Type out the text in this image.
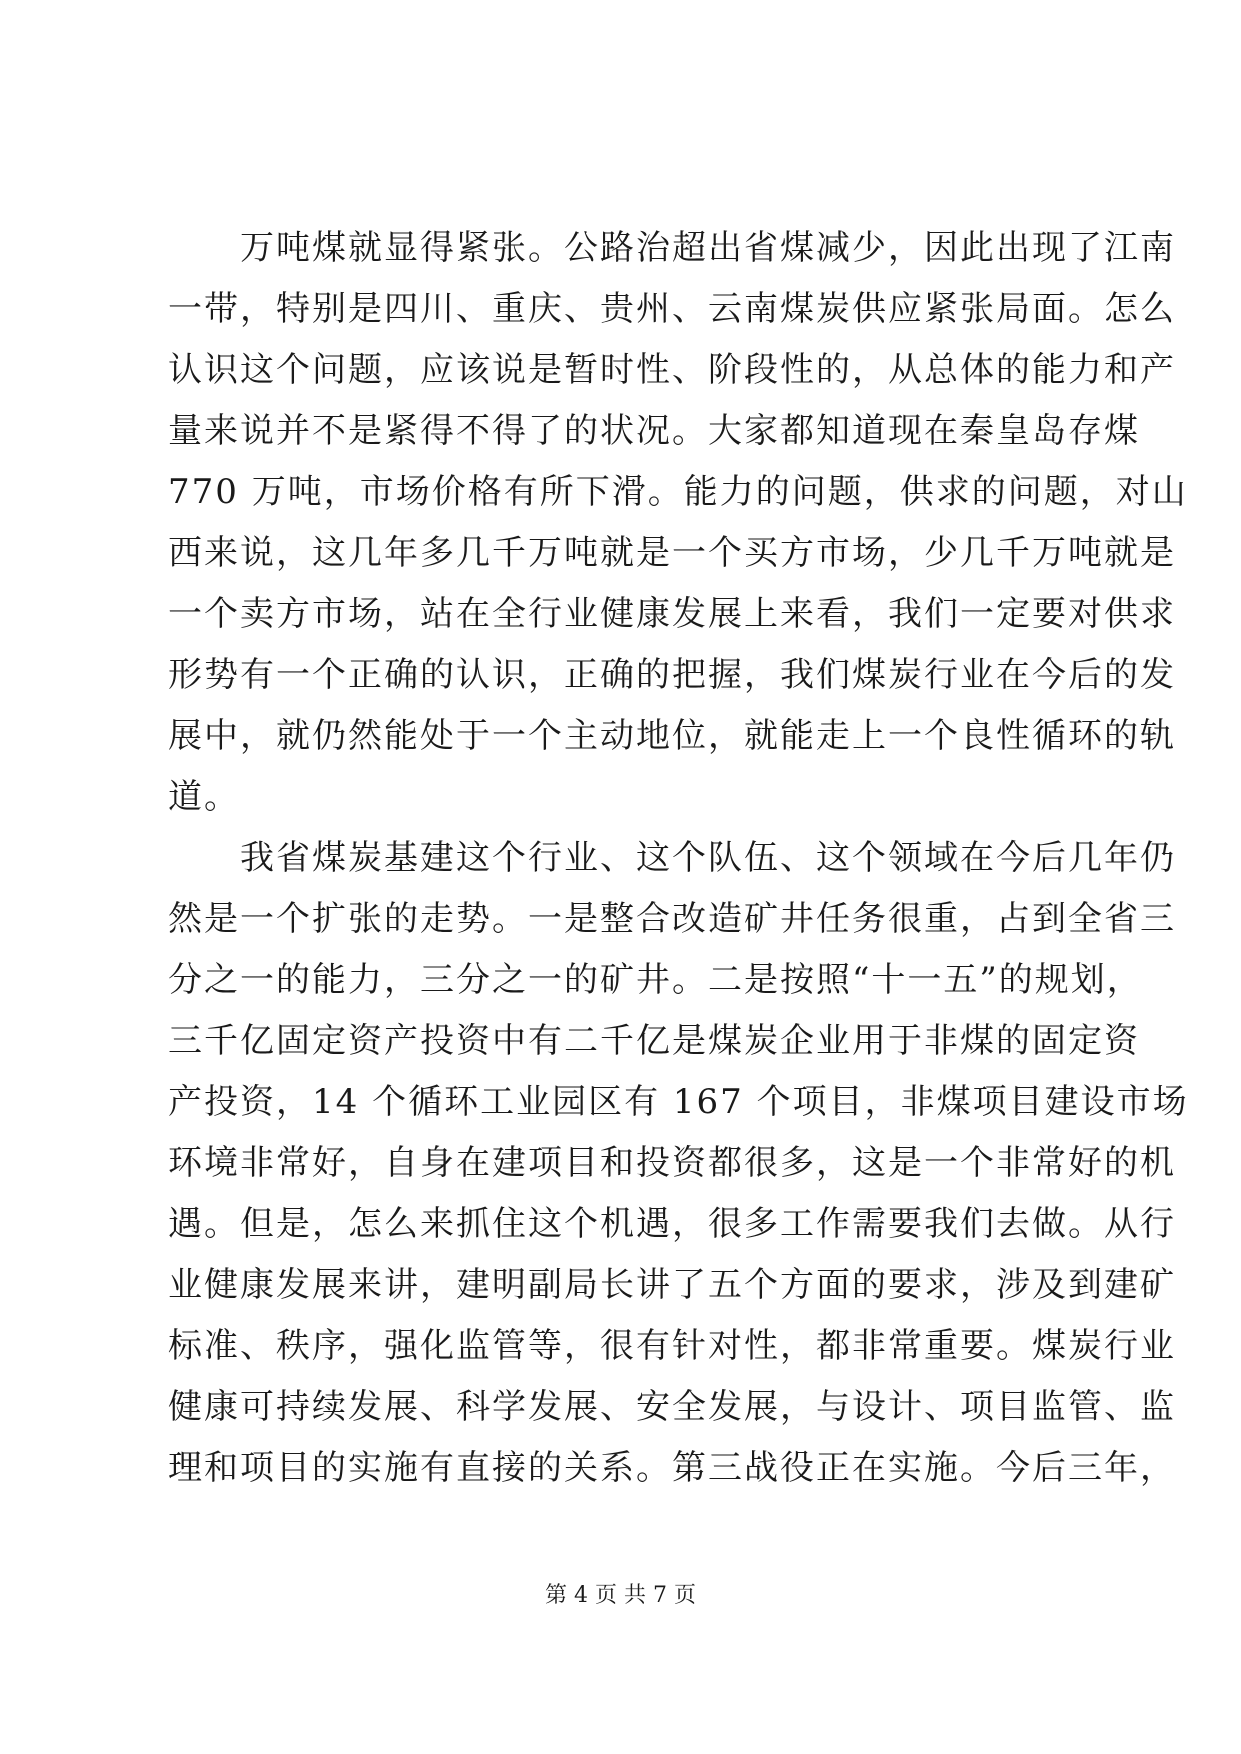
　　万吨煤就显得紧张。公路治超出省煤减少，因此出现了江南
一带，特别是四川、重庆、贵州、云南煤炭供应紧张局面。怎么
认识这个问题，应该说是暂时性、阶段性的，从总体的能力和产
量来说并不是紧得不得了的状况。大家都知道现在秦皇岛存煤
770 万吨，市场价格有所下滑。能力的问题，供求的问题，对山
西来说，这几年多几千万吨就是一个买方市场，少几千万吨就是
一个卖方市场，站在全行业健康发展上来看，我们一定要对供求
形势有一个正确的认识，正确的把握，我们煤炭行业在今后的发
展中，就仍然能处于一个主动地位，就能走上一个良性循环的轨
道。
　　我省煤炭基建这个行业、这个队伍、这个领域在今后几年仍
然是一个扩张的走势。一是整合改造矿井任务很重，占到全省三
分之一的能力，三分之一的矿井。二是按照“十一五”的规划，
三千亿固定资产投资中有二千亿是煤炭企业用于非煤的固定资
产投资，14 个循环工业园区有 167 个项目，非煤项目建设市场
环境非常好，自身在建项目和投资都很多，这是一个非常好的机
遇。但是，怎么来抓住这个机遇，很多工作需要我们去做。从行
业健康发展来讲，建明副局长讲了五个方面的要求，涉及到建矿
标准、秩序，强化监管等，很有针对性，都非常重要。煤炭行业
健康可持续发展、科学发展、安全发展，与设计、项目监管、监
理和项目的实施有直接的关系。第三战役正在实施。今后三年，
第 4 页 共 7 页
